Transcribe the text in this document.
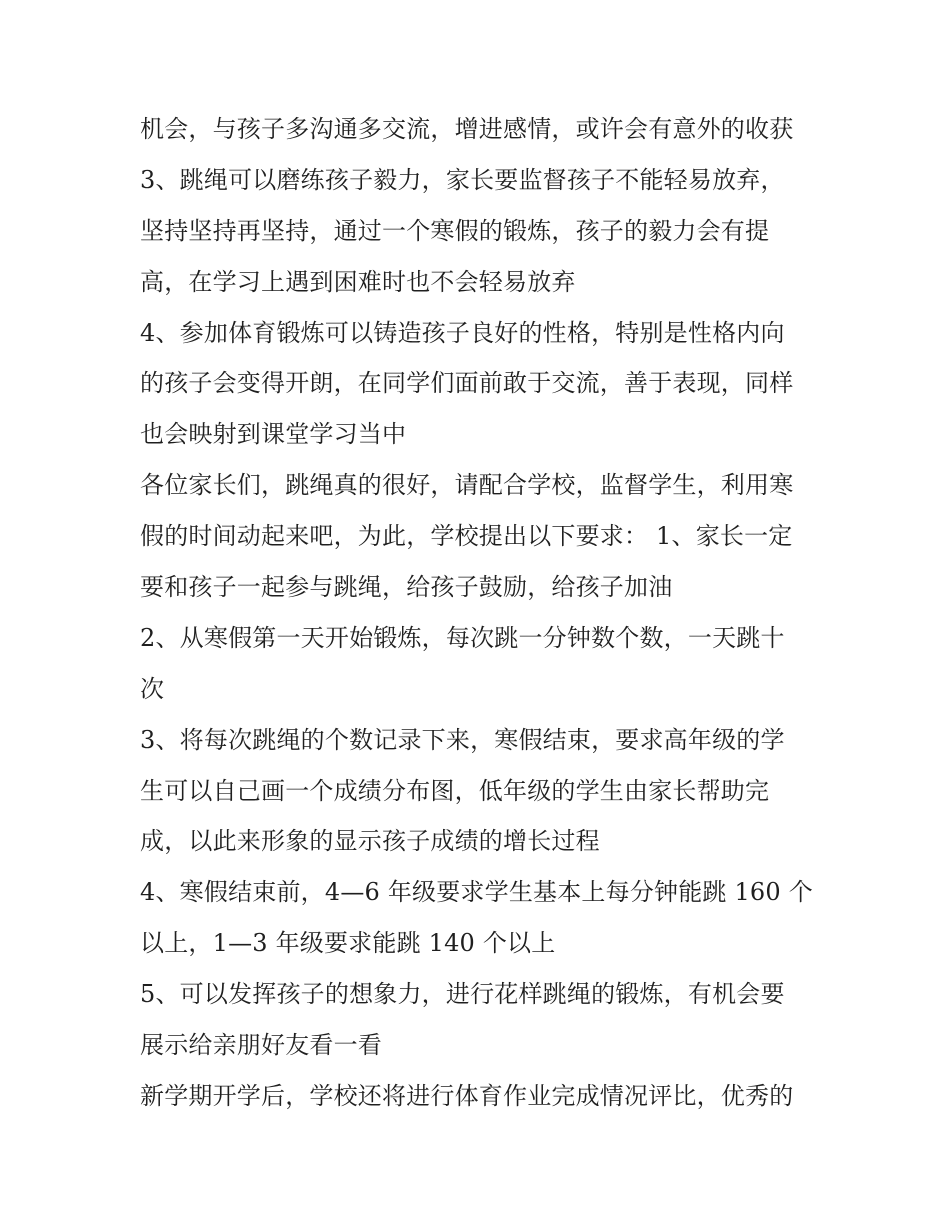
机会，与孩子多沟通多交流，增进感情，或许会有意外的收获
3、跳绳可以磨练孩子毅力，家长要监督孩子不能轻易放弃，
坚持坚持再坚持，通过一个寒假的锻炼，孩子的毅力会有提
高，在学习上遇到困难时也不会轻易放弃
4、参加体育锻炼可以铸造孩子良好的性格，特别是性格内向
的孩子会变得开朗，在同学们面前敢于交流，善于表现，同样
也会映射到课堂学习当中
各位家长们，跳绳真的很好，请配合学校，监督学生，利用寒
假的时间动起来吧，为此，学校提出以下要求： 1、家长一定
要和孩子一起参与跳绳，给孩子鼓励，给孩子加油
2、从寒假第一天开始锻炼，每次跳一分钟数个数，一天跳十
次
3、将每次跳绳的个数记录下来，寒假结束，要求高年级的学
生可以自己画一个成绩分布图，低年级的学生由家长帮助完
成，以此来形象的显示孩子成绩的增长过程
4、寒假结束前，4—6 年级要求学生基本上每分钟能跳 160 个
以上，1—3 年级要求能跳 140 个以上
5、可以发挥孩子的想象力，进行花样跳绳的锻炼，有机会要
展示给亲朋好友看一看
新学期开学后，学校还将进行体育作业完成情况评比，优秀的
